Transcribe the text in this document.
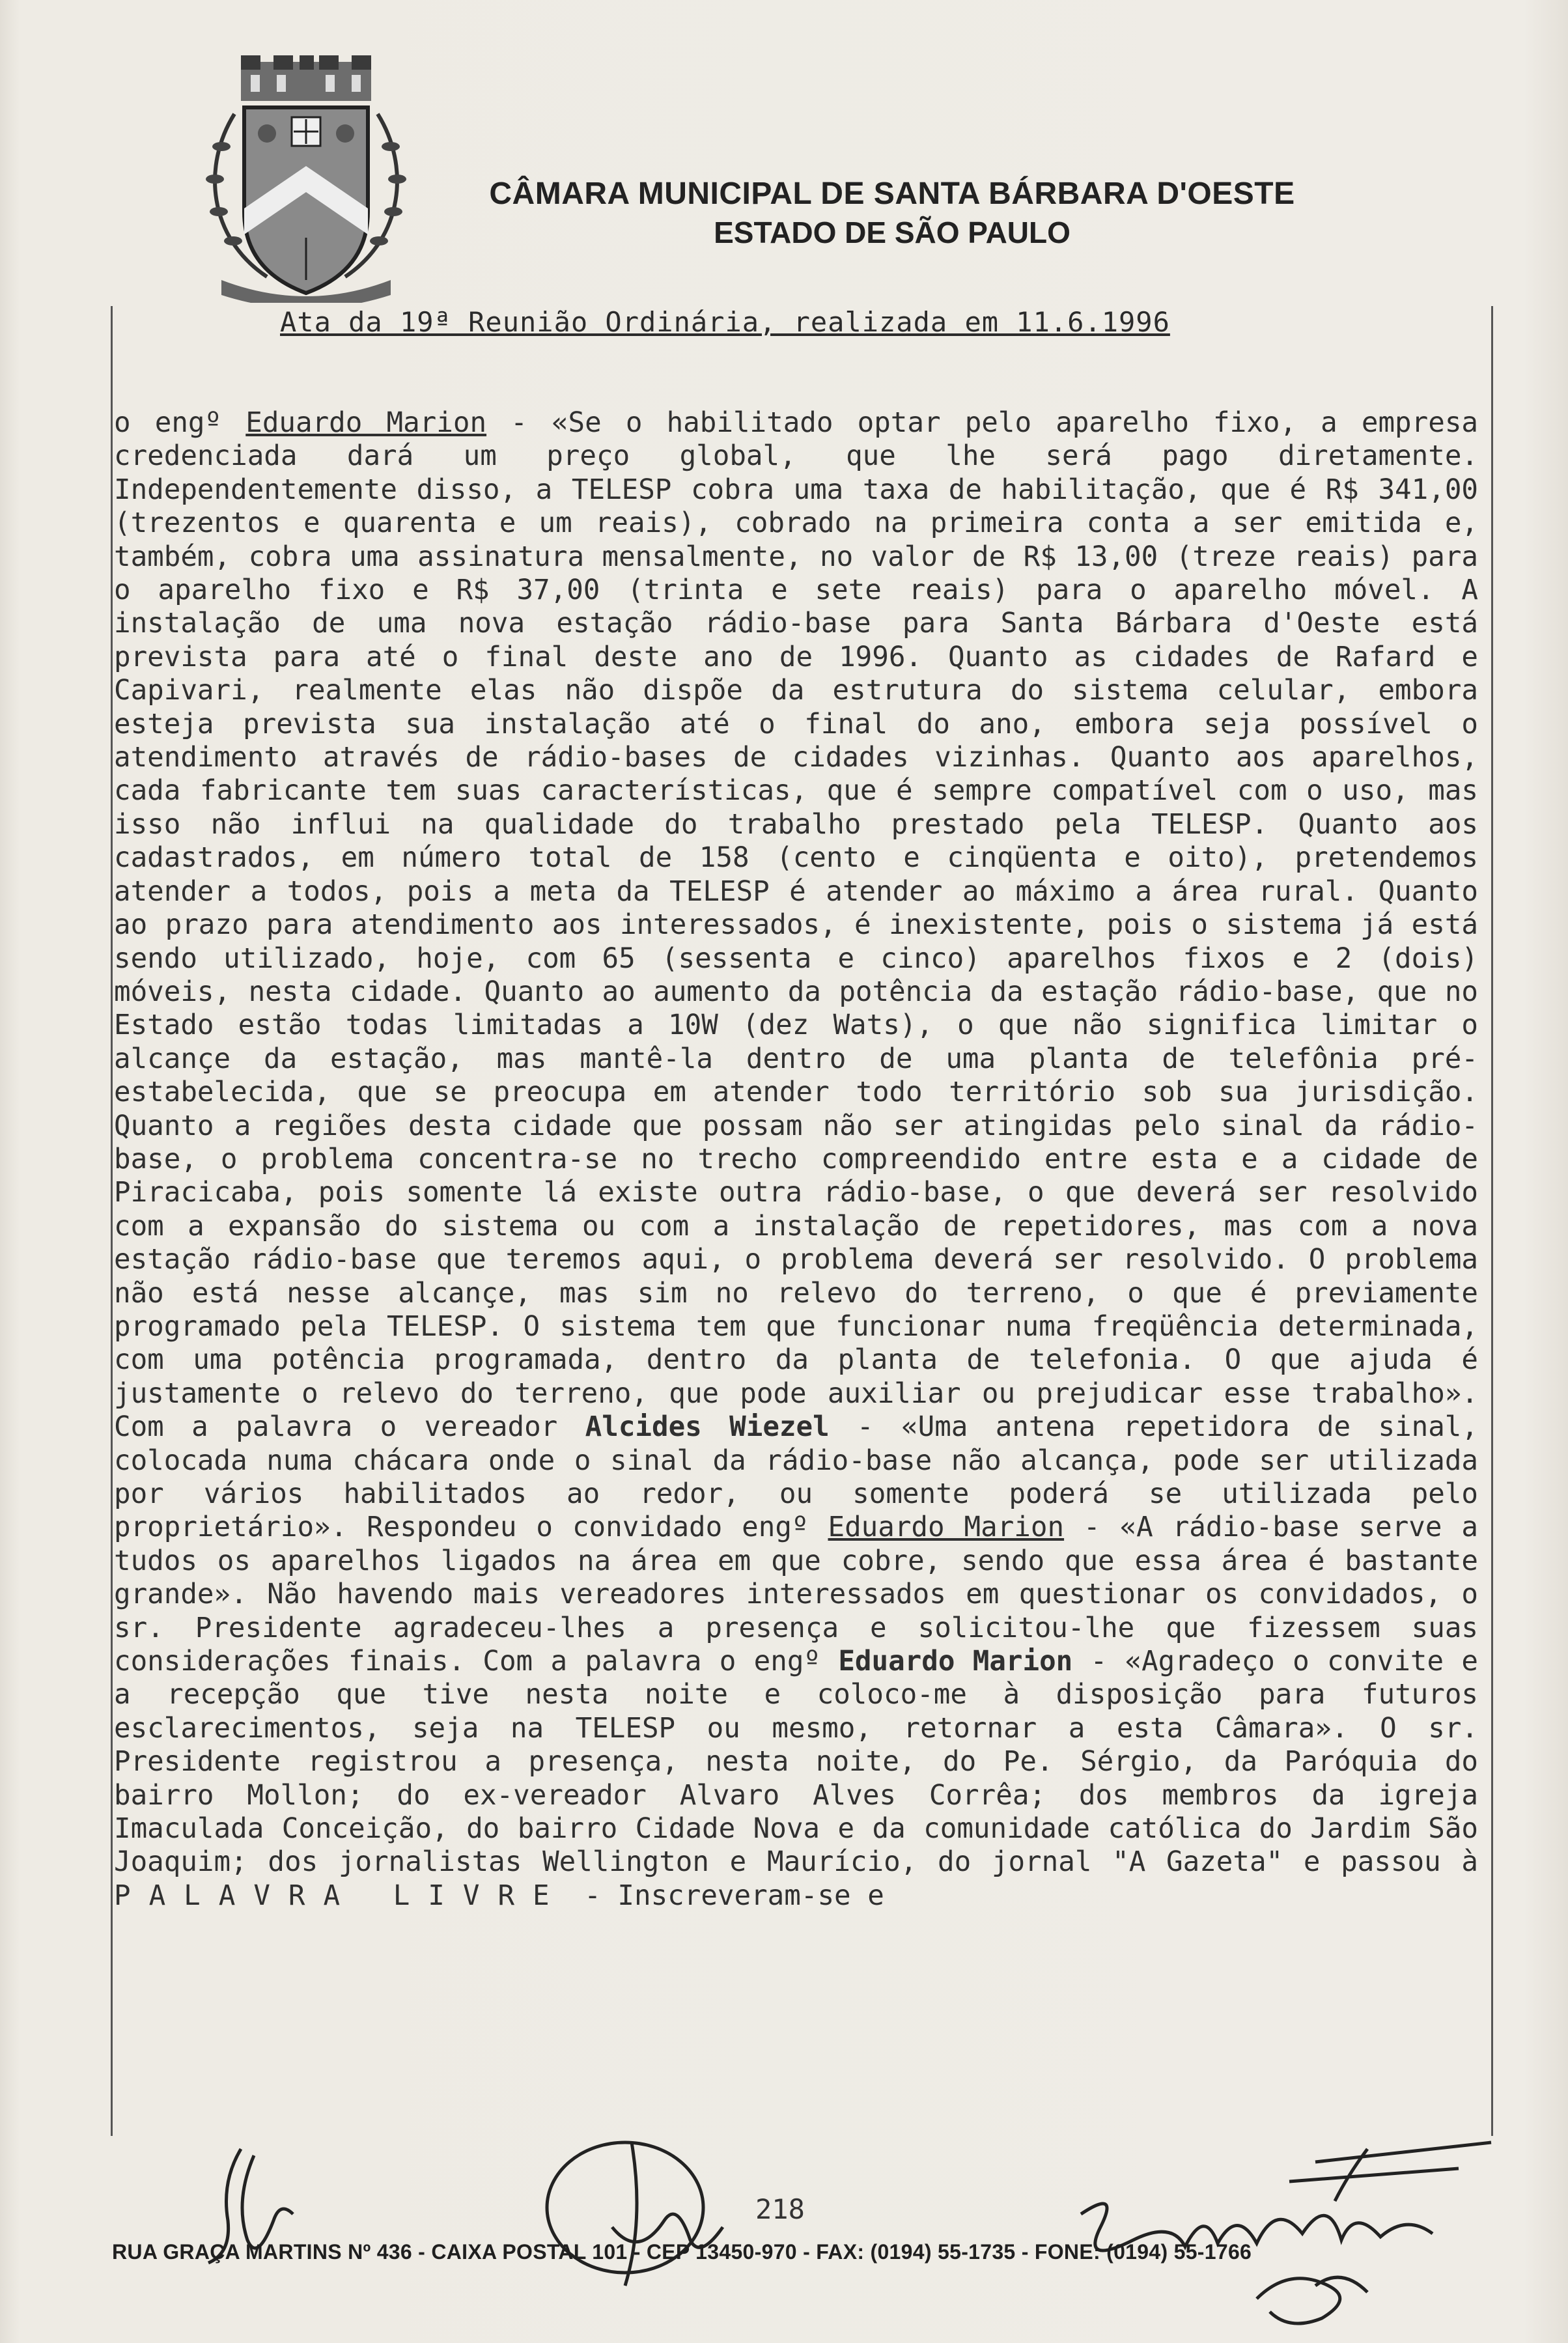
CÂMARA MUNICIPAL DE SANTA BÁRBARA D'OESTE
ESTADO DE SÃO PAULO
Ata da 19ª Reunião Ordinária, realizada em 11.6.1996

o engº Eduardo Marion - «Se o habilitado optar pelo aparelho fixo, a empresa credenciada dará um preço global, que lhe será pago diretamente. Independentemente disso, a TELESP cobra uma taxa de habilitação, que é R$ 341,00 (trezentos e quarenta e um reais), cobrado na primeira conta a ser emitida e, também, cobra uma assinatura mensalmente, no valor de R$ 13,00 (treze reais) para o aparelho fixo e R$ 37,00 (trinta e sete reais) para o aparelho móvel. A instalação de uma nova estação rádio-base para Santa Bárbara d'Oeste está prevista para até o final deste ano de 1996. Quanto as cidades de Rafard e Capivari, realmente elas não dispõe da estrutura do sistema celular, embora esteja prevista sua instalação até o final do ano, embora seja possível o atendimento através de rádio-bases de cidades vizinhas. Quanto aos aparelhos, cada fabricante tem suas características, que é sempre compatível com o uso, mas isso não influi na qualidade do trabalho prestado pela TELESP. Quanto aos cadastrados, em número total de 158 (cento e cinqüenta e oito), pretendemos atender a todos, pois a meta da TELESP é atender ao máximo a área rural. Quanto ao prazo para atendimento aos interessados, é inexistente, pois o sistema já está sendo utilizado, hoje, com 65 (sessenta e cinco) aparelhos fixos e 2 (dois) móveis, nesta cidade. Quanto ao aumento da potência da estação rádio-base, que no Estado estão todas limitadas a 10W (dez Wats), o que não significa limitar o alcançe da estação, mas mantê-la dentro de uma planta de telefônia pré-estabelecida, que se preocupa em atender todo território sob sua jurisdição. Quanto a regiões desta cidade que possam não ser atingidas pelo sinal da rádio-base, o problema concentra-se no trecho compreendido entre esta e a cidade de Piracicaba, pois somente lá existe outra rádio-base, o que deverá ser resolvido com a expansão do sistema ou com a instalação de repetidores, mas com a nova estação rádio-base que teremos aqui, o problema deverá ser resolvido. O problema não está nesse alcançe, mas sim no relevo do terreno, o que é previamente programado pela TELESP. O sistema tem que funcionar numa freqüência determinada, com uma potência programada, dentro da planta de telefonia. O que ajuda é justamente o relevo do terreno, que pode auxiliar ou prejudicar esse trabalho». Com a palavra o vereador Alcides Wiezel - «Uma antena repetidora de sinal, colocada numa chácara onde o sinal da rádio-base não alcança, pode ser utilizada por vários habilitados ao redor, ou somente poderá se utilizada pelo proprietário». Respondeu o convidado engº Eduardo Marion - «A rádio-base serve a tudos os aparelhos ligados na área em que cobre, sendo que essa área é bastante grande». Não havendo mais vereadores interessados em questionar os convidados, o sr. Presidente agradeceu-lhes a presença e solicitou-lhe que fizessem suas considerações finais. Com a palavra o engº Eduardo Marion - «Agradeço o convite e a recepção que tive nesta noite e coloco-me à disposição para futuros esclarecimentos, seja na TELESP ou mesmo, retornar a esta Câmara». O sr. Presidente registrou a presença, nesta noite, do Pe. Sérgio, da Paróquia do bairro Mollon; do ex-vereador Alvaro Alves Corrêa; dos membros da igreja Imaculada Conceição, do bairro Cidade Nova e da comunidade católica do Jardim São Joaquim; dos jornalistas Wellington e Maurício, do jornal "A Gazeta" e passou à PALAVRA LIVRE - Inscreveram-se e

218
RUA GRAÇA MARTINS Nº 436 - CAIXA POSTAL 101 - CEP 13450-970 - FAX: (0194) 55-1735 - FONE: (0194) 55-1766
